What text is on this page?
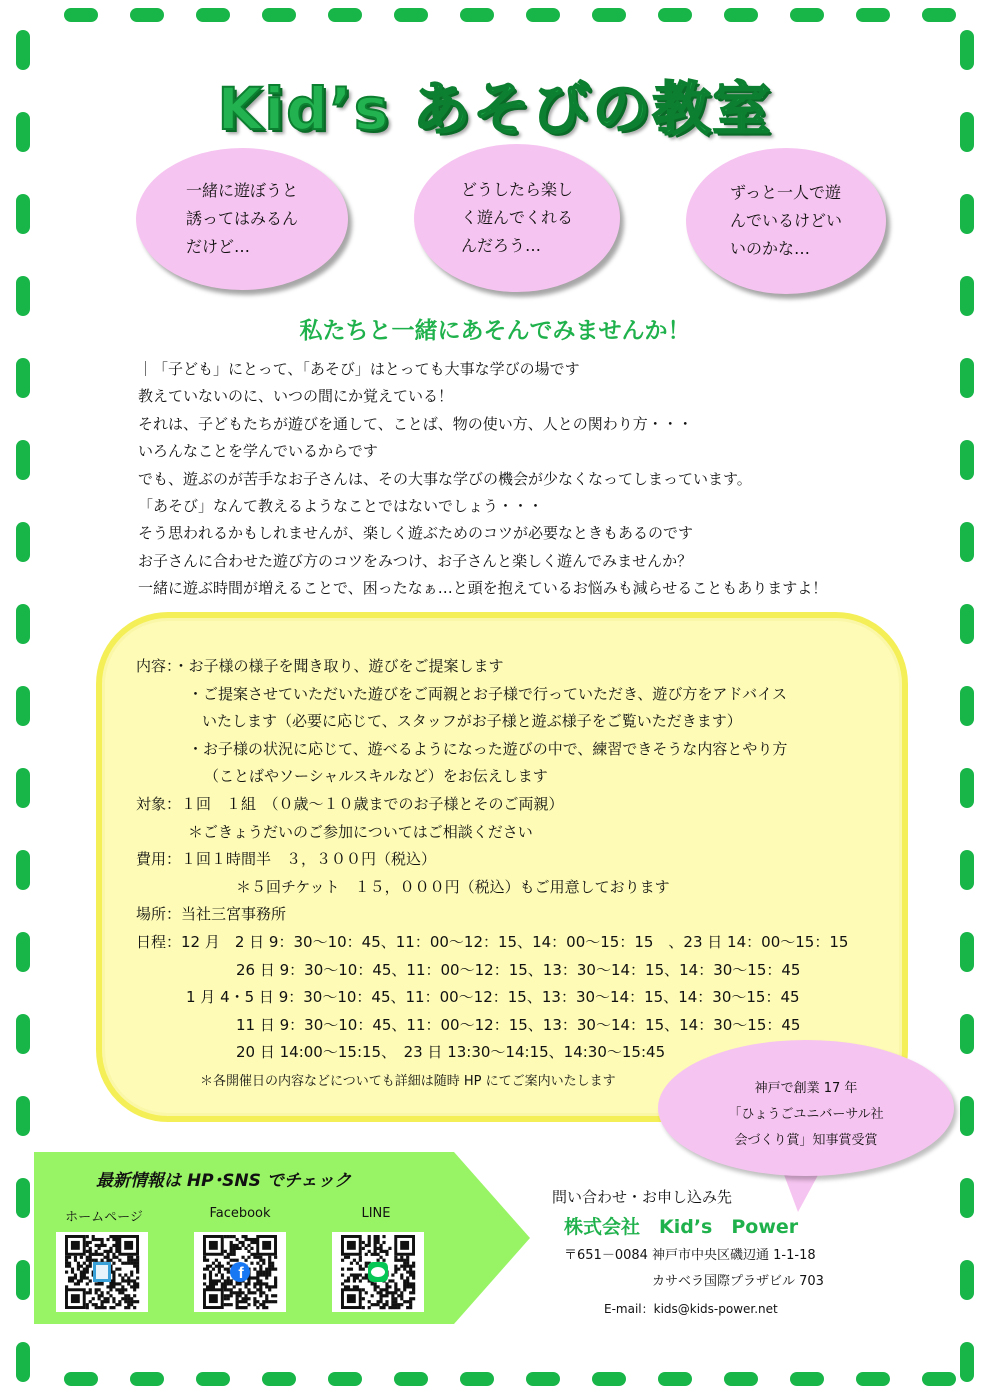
Kid’s あそびの教室
一緒に遊ぼうと
誘ってはみるん
だけど…
どうしたら楽し
く遊んでくれる
んだろう…
ずっと一人で遊
んでいるけどい
いのかな…
私たちと一緒にあそんでみませんか！
｜「子ども」にとって、「あそび」はとっても大事な学びの場です
教えていないのに、いつの間にか覚えている！
それは、子どもたちが遊びを通して、ことば、物の使い方、人との関わり方・・・
いろんなことを学んでいるからです
でも、遊ぶのが苦手なお子さんは、その大事な学びの機会が少なくなってしまっています。
「あそび」なんて教えるようなことではないでしょう・・・
そう思われるかもしれませんが、楽しく遊ぶためのコツが必要なときもあるのです
お子さんに合わせた遊び方のコツをみつけ、お子さんと楽しく遊んでみませんか？
一緒に遊ぶ時間が増えることで、困ったなぁ…と頭を抱えているお悩みも減らせることもありますよ！
内容：・お子様の様子を聞き取り、遊びをご提案します
・ご提案させていただいた遊びをご両親とお子様で行っていただき、遊び方をアドバイス
いたします（必要に応じて、スタッフがお子様と遊ぶ様子をご覧いただきます）
・お子様の状況に応じて、遊べるようになった遊びの中で、練習できそうな内容とやり方
（ことばやソーシャルスキルなど）をお伝えします
対象：１回　１組　（０歳～１０歳までのお子様とそのご両親）
＊ごきょうだいのご参加についてはご相談ください
費用：１回１時間半　３，３００円（税込）
＊５回チケット　１５，０００円（税込）もご用意しております
場所：当社三宮事務所
日程：12 月　2 日 9：30～10：45、11：00～12：15、14：00～15：15　、23 日 14：00～15：15
26 日 9：30～10：45、11：00～12：15、13：30～14：15、14：30～15：45
1 月 4・5 日 9：30～10：45、11：00～12：15、13：30～14：15、14：30～15：45
11 日 9：30～10：45、11：00～12：15、13：30～14：15、14：30～15：45
20 日 14:00～15:15、　23 日 13:30～14:15、14:30～15:45
＊各開催日の内容などについても詳細は随時 HP にてご案内いたします	神戸で創業 17 年
「ひょうごユニバーサル社
会づくり賞」知事賞受賞
最新情報は HP･SNS でチェック
ホームページ	Facebook	LINE
f
問い合わせ・お申し込み先
株式会社　Kid’s　Power
〒651－0084 神戸市中央区磯辺通 1-1-18
カサベラ国際プラザビル 703
E-mail：kids@kids-power.net
